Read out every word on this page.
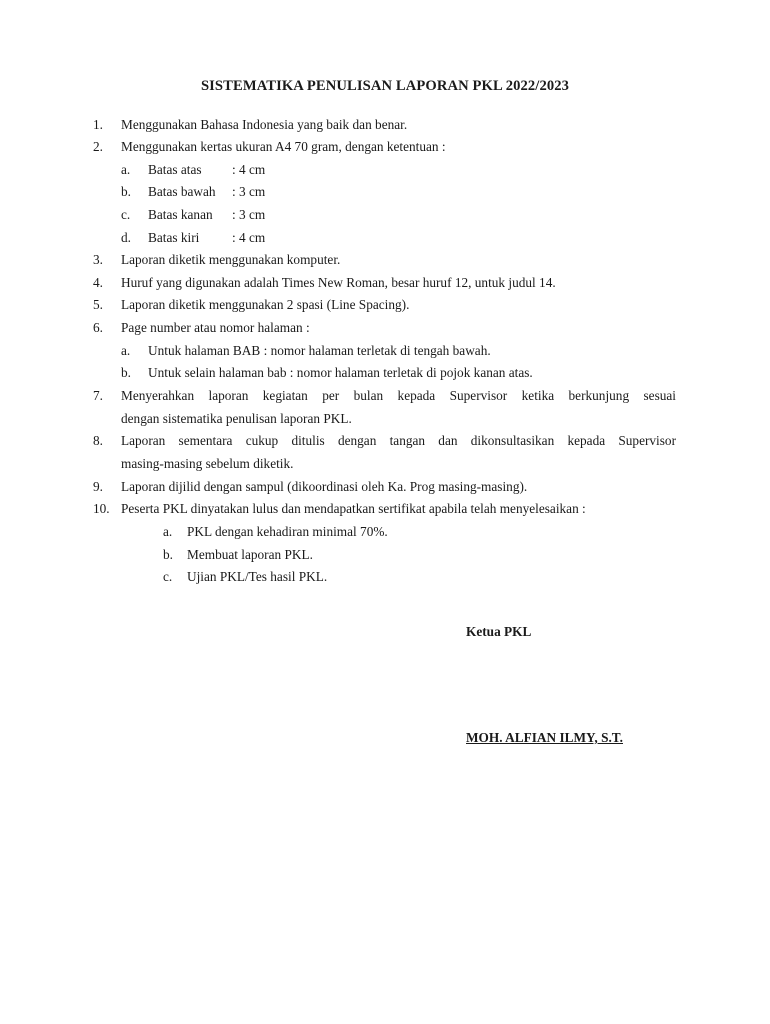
SISTEMATIKA PENULISAN LAPORAN PKL 2022/2023
1. Menggunakan Bahasa Indonesia yang baik dan benar.
2. Menggunakan kertas ukuran A4 70 gram, dengan ketentuan :
a. Batas atas : 4 cm
b. Batas bawah : 3 cm
c. Batas kanan : 3 cm
d. Batas kiri : 4 cm
3. Laporan diketik menggunakan komputer.
4. Huruf yang digunakan adalah Times New Roman, besar huruf 12, untuk judul 14.
5. Laporan diketik menggunakan 2 spasi (Line Spacing).
6. Page number atau nomor halaman :
a. Untuk halaman BAB : nomor halaman terletak di tengah bawah.
b. Untuk selain halaman bab : nomor halaman terletak di pojok kanan atas.
7. Menyerahkan laporan kegiatan per bulan kepada Supervisor ketika berkunjung sesuai
dengan sistematika penulisan laporan PKL.
8. Laporan sementara cukup ditulis dengan tangan dan dikonsultasikan kepada Supervisor
masing-masing sebelum diketik.
9. Laporan dijilid dengan sampul (dikoordinasi oleh Ka. Prog masing-masing).
10. Peserta PKL dinyatakan lulus dan mendapatkan sertifikat apabila telah menyelesaikan :
a. PKL dengan kehadiran minimal 70%.
b. Membuat laporan PKL.
c. Ujian PKL/Tes hasil PKL.
Ketua PKL
MOH. ALFIAN ILMY, S.T.
